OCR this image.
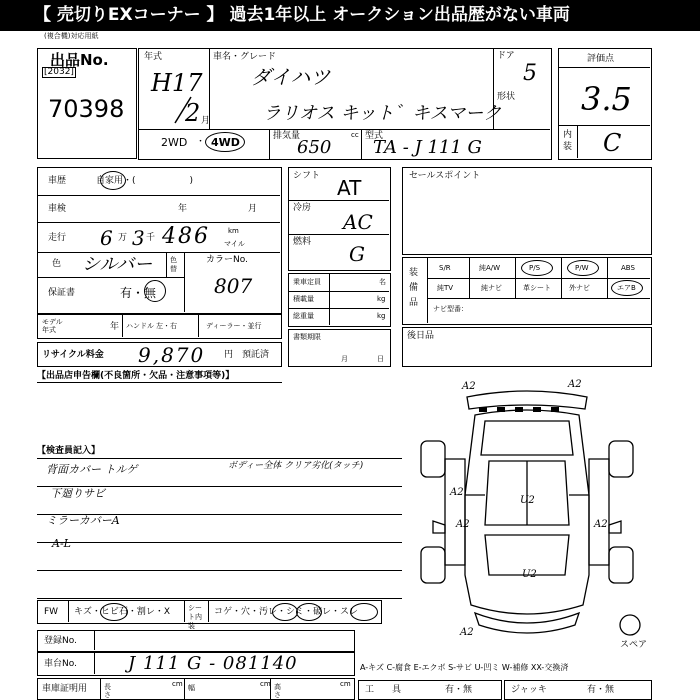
【 売切りEXコーナー 】 過去1年以上 オークション出品歴がない車両
(複合機)対応用紙
出品No.
[2032]
70398
年式
H17
2 月
車名・グレード
ダイハツ
ラリオス キット゛キスマーク
ドア
5
形状
2WD ・ 4WD	排気量
650
cc 型式
TA - J 111 G
評価点
3.5
内装 C
車歴	自家用・(　　　　　　)
車検	年	月
走行 6 万 3 千 486	km
マイル
色 シルバー	色替
カラーNo.
807
保証書	有・無
モデル年式	年 ハンドル 左・右	ディーラー・並行
リサイクル料金 9,870 円 預託済
シフト AT
冷房
AC
燃料 G
乗車定員	名
積載量	kg
総重量	kg
書類期限
月	日
セールスポイント
装備品
S/R	純A/W	P/S	P/W	ABS
純TV	純ナビ	革シート	外ナビ	エアB
ナビ型番：
後日品
【出品店申告欄(不良箇所・欠品・注意事項等)】
【検査員記入】
背面カバー トルゲ
下廻りサビ
ミラーカバーA
A-L
ボディー全体 クリア劣化(タッチ)
A2	A2
A2
A2	A2
U2
U2
A2
スペア
FW キズ・ヒビ石・割レ・X	シート内装
コゲ・穴・汚レ・シミ・破レ・スレ
登録No.
車台No.	J 111 G - 081140	A-キズ C-腐食 E-エクボ S-サビ U-凹ミ W-補修 XX-交換済
車庫証明用 長さ
cm 幅	cm 高さ
cm
工　　具	有・無	ジャッキ	有・無
